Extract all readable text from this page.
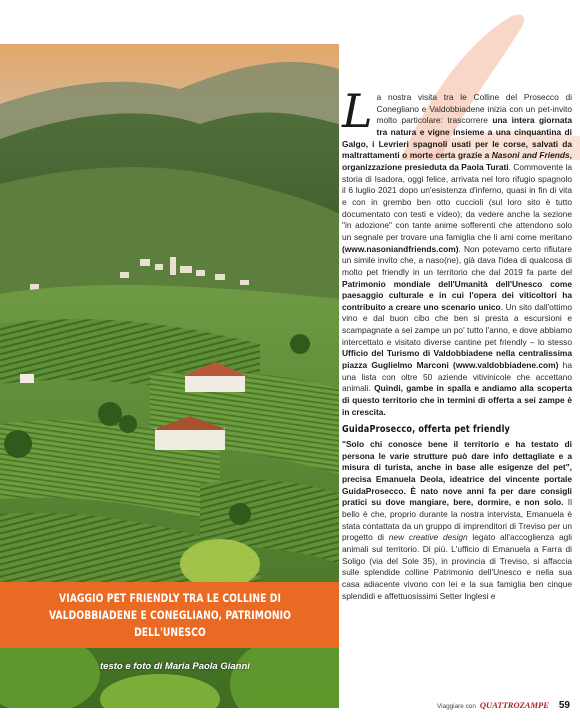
VIAGGIO PET FRIENDLY TRA LE COLLINE DI VALDOBBIADENE E CONEGLIANO, PATRIMONIO DELL'UNESCO
testo e foto di Maria Paola Gianni

La nostra visita tra le Colline del Prosecco di Conegliano e Valdobbiadene inizia con un pet-invito molto particolare: trascorrere una intera giornata tra natura e vigne insieme a una cinquantina di Galgo, i Levrieri spagnoli usati per le corse, salvati da maltrattamenti o morte certa grazie a Nasoni and Friends, organizzazione presieduta da Paola Turati. Commovente la storia di Isadora, oggi felice, arrivata nel loro rifugio spagnolo il 6 luglio 2021 dopo un'esistenza d'inferno, quasi in fin di vita e con in grembo ben otto cuccioli (sul loro sito è tutto documentato con testi e video); da vedere anche la sezione "in adozione" con tante anime sofferenti che attendono solo un segnale per trovare una famiglia che li ami come meritano (www.nasoniandfriends.com). Non potevamo certo rifiutare un simile invito che, a naso(ne), già dava l'idea di qualcosa di molto pet friendly in un territorio che dal 2019 fa parte del Patrimonio mondiale dell'Umanità dell'Unesco come paesaggio culturale e in cui l'opera dei viticoltori ha contribuito a creare uno scenario unico. Un sito dall'ottimo vino e dal buon cibo che ben si presta a escursioni e scampagnate a sei zampe un po' tutto l'anno, e dove abbiamo intercettato e visitato diverse cantine pet friendly – lo stesso Ufficio del Turismo di Valdobbiadene nella centralissima piazza Guglielmo Marconi (www.valdobbiadene.com) ha una lista con oltre 50 aziende vitivinicole che accettano animali. Quindi, gambe in spalla e andiamo alla scoperta di questo territorio che in termini di offerta a sei zampe è in crescita.

GuidaProsecco, offerta pet friendly

"Solo chi conosce bene il territorio e ha testato di persona le varie strutture può dare info dettagliate e a misura di turista, anche in base alle esigenze del pet", precisa Emanuela Deola, ideatrice del vincente portale GuidaProsecco. È nato nove anni fa per dare consigli pratici su dove mangiare, bere, dormire, e non solo. Il bello è che, proprio durante la nostra intervista, Emanuela è stata contattata da un gruppo di imprenditori di Treviso per un progetto di new creative design legato all'accoglienza agli animali sul territorio. Di più. L'ufficio di Emanuela a Farra di Soligo (via del Sole 35), in provincia di Treviso, si affaccia sulle splendide colline Patrimonio dell'Unesco e nella sua casa adiacente vivono con lei e la sua famiglia ben cinque splendidi e affettuosissimi Setter Inglesi e

Viaggiare con QUATTROZAMPE 59
